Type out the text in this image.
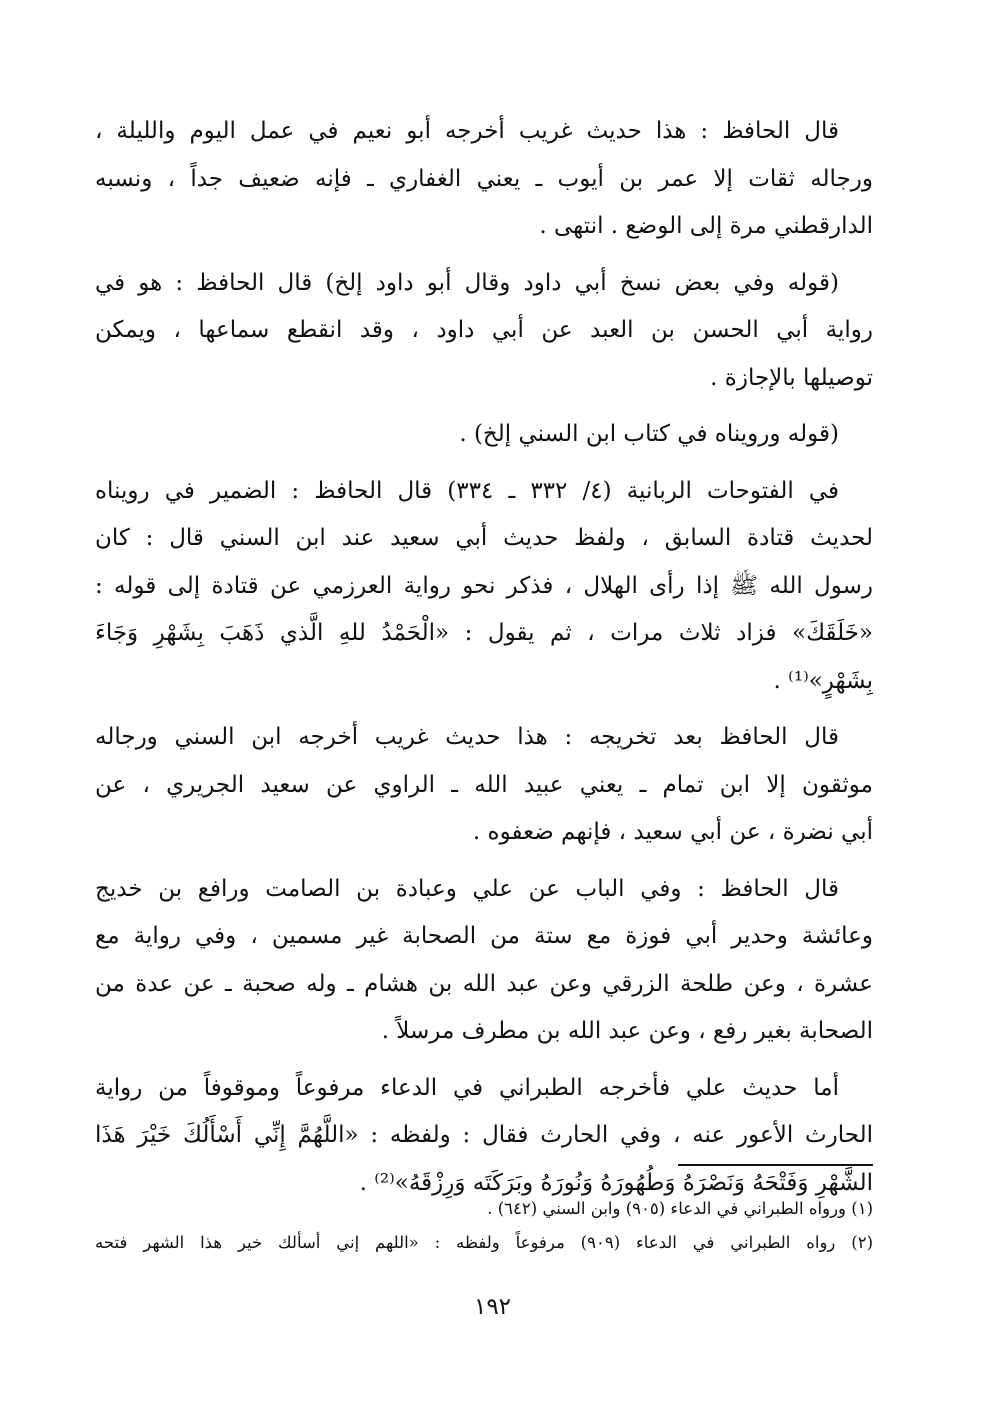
قال الحافظ : هذا حديث غريب أخرجه أبو نعيم في عمل اليوم والليلة ،
ورجاله ثقات إلا عمر بن أيوب ـ يعني الغفاري ـ فإنه ضعيف جداً ، ونسبه
الدارقطني مرة إلى الوضع . انتهى .
(قوله وفي بعض نسخ أبي داود وقال أبو داود إلخ) قال الحافظ : هو في
رواية أبي الحسن بن العبد عن أبي داود ، وقد انقطع سماعها ، ويمكن
توصيلها بالإجازة .
(قوله ورويناه في كتاب ابن السني إلخ) .
في الفتوحات الربانية (٤/ ٣٣٢ ـ ٣٣٤) قال الحافظ : الضمير في رويناه
لحديث قتادة السابق ، ولفظ حديث أبي سعيد عند ابن السني قال : كان
رسول الله ﷺ إذا رأى الهلال ، فذكر نحو رواية العرزمي عن قتادة إلى قوله :
«خَلَقَكَ» فزاد ثلاث مرات ، ثم يقول : «الْحَمْدُ للهِ الَّذي ذَهَبَ بِشَهْرِ وَجَاءَ
بِشَهْرٍ»⁽¹⁾ .
قال الحافظ بعد تخريجه : هذا حديث غريب أخرجه ابن السني ورجاله
موثقون إلا ابن تمام ـ يعني عبيد الله ـ الراوي عن سعيد الجريري ، عن
أبي نضرة ، عن أبي سعيد ، فإنهم ضعفوه .
قال الحافظ : وفي الباب عن علي وعبادة بن الصامت ورافع بن خديج
وعائشة وحدير أبي فوزة مع ستة من الصحابة غير مسمين ، وفي رواية مع
عشرة ، وعن طلحة الزرقي وعن عبد الله بن هشام ـ وله صحبة ـ عن عدة من
الصحابة بغير رفع ، وعن عبد الله بن مطرف مرسلاً .
أما حديث علي فأخرجه الطبراني في الدعاء مرفوعاً وموقوفاً من رواية
الحارث الأعور عنه ، وفي الحارث فقال : ولفظه : «اللَّهُمَّ إِنِّي أَسْأَلُكَ خَيْرَ هَذَا
الشَّهْرِ وَفَتْحَهُ وَنَصْرَهُ وَطُهُورَهُ وَنُورَهُ وبَرَكَتَه وَرِزْقَهُ»⁽²⁾ .
(١) ورواه الطبراني في الدعاء (٩٠٥) وابن السني (٦٤٢) .
(٢) رواه الطبراني في الدعاء (٩٠٩) مرفوعاً ولفظه : «اللهم إني أسألك خير هذا الشهر فتحه
١٩٢
